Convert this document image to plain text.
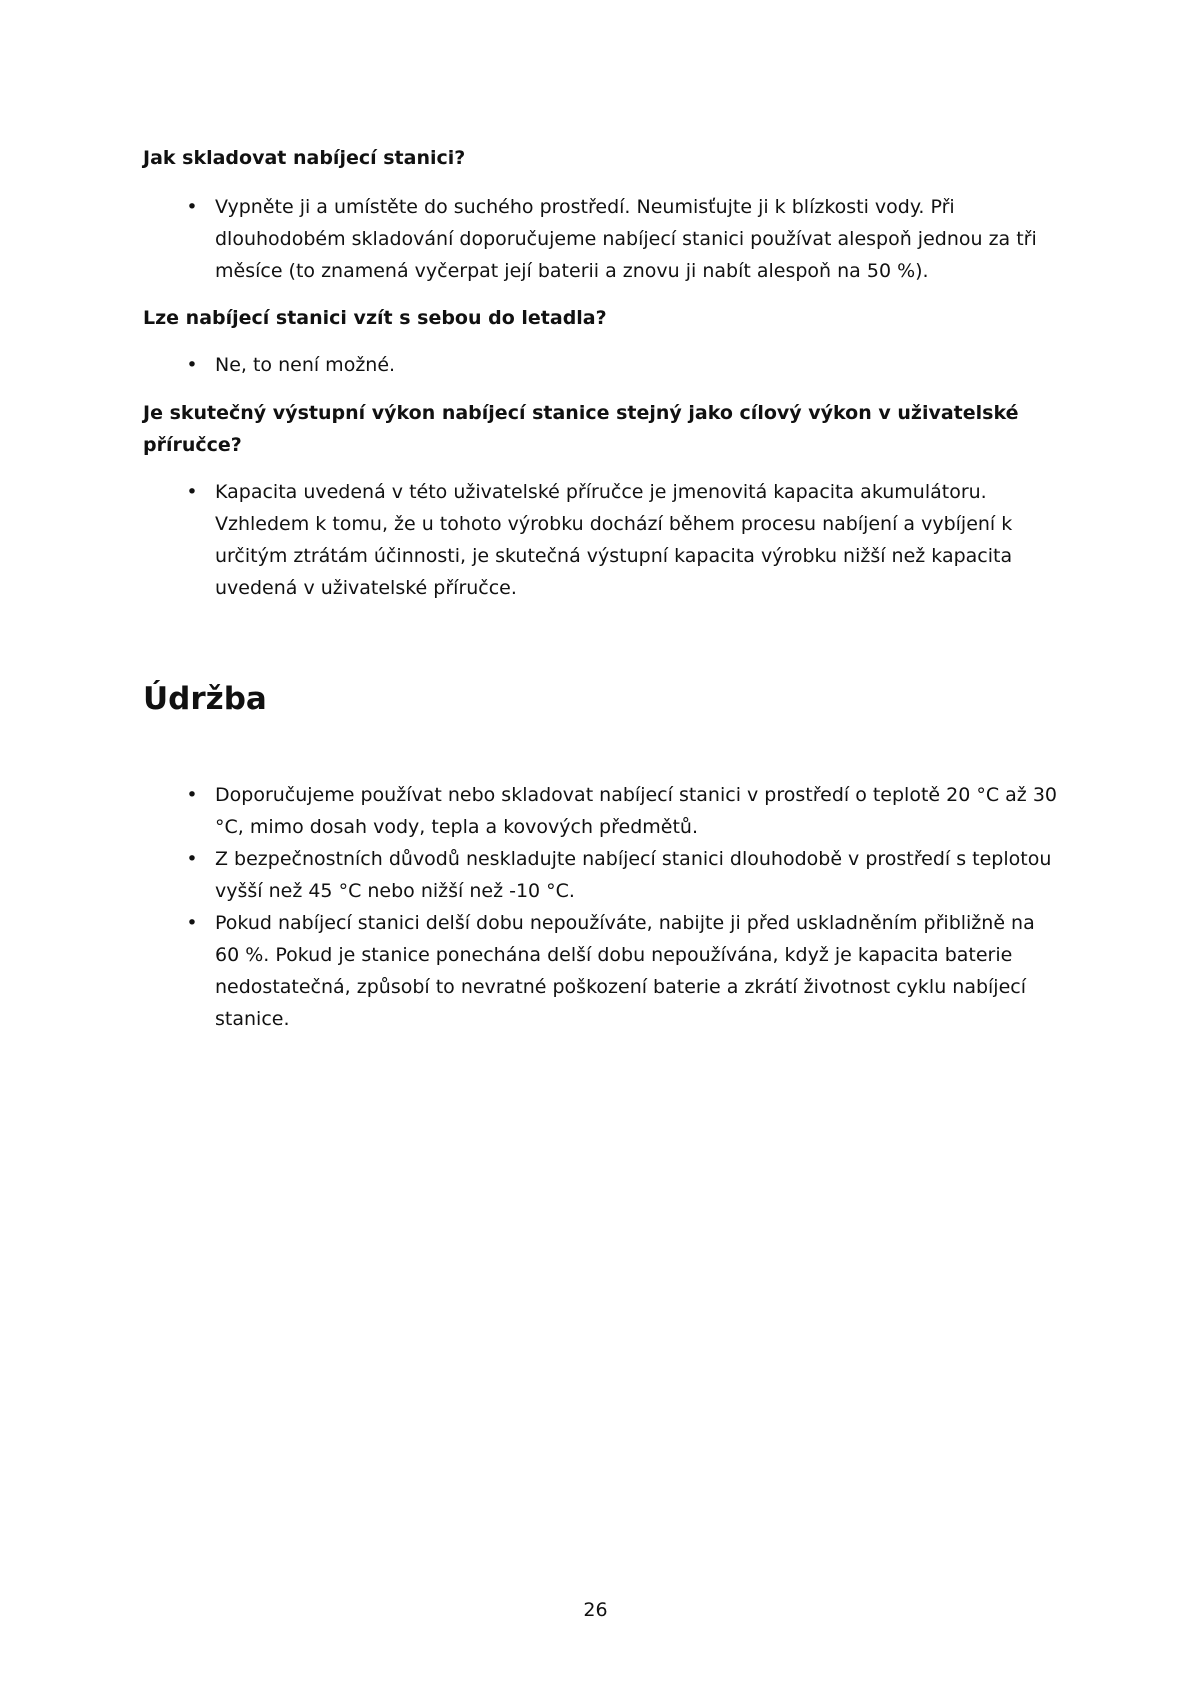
Jak skladovat nabíjecí stanici?

• Vypněte ji a umístěte do suchého prostředí. Neumisťujte ji k blízkosti vody. Při dlouhodobém skladování doporučujeme nabíjecí stanici používat alespoň jednou za tři měsíce (to znamená vyčerpat její baterii a znovu ji nabít alespoň na 50 %).

Lze nabíjecí stanici vzít s sebou do letadla?

• Ne, to není možné.

Je skutečný výstupní výkon nabíjecí stanice stejný jako cílový výkon v uživatelské příručce?

• Kapacita uvedená v této uživatelské příručce je jmenovitá kapacita akumulátoru. Vzhledem k tomu, že u tohoto výrobku dochází během procesu nabíjení a vybíjení k určitým ztrátám účinnosti, je skutečná výstupní kapacita výrobku nižší než kapacita uvedená v uživatelské příručce.
Údržba
• Doporučujeme používat nebo skladovat nabíjecí stanici v prostředí o teplotě 20 °C až 30 °C, mimo dosah vody, tepla a kovových předmětů.
• Z bezpečnostních důvodů neskladujte nabíjecí stanici dlouhodobě v prostředí s teplotou vyšší než 45 °C nebo nižší než -10 °C.
• Pokud nabíjecí stanici delší dobu nepoužíváte, nabijte ji před uskladněním přibližně na 60 %. Pokud je stanice ponechána delší dobu nepoužívána, když je kapacita baterie nedostatečná, způsobí to nevratné poškození baterie a zkrátí životnost cyklu nabíjecí stanice.
26
